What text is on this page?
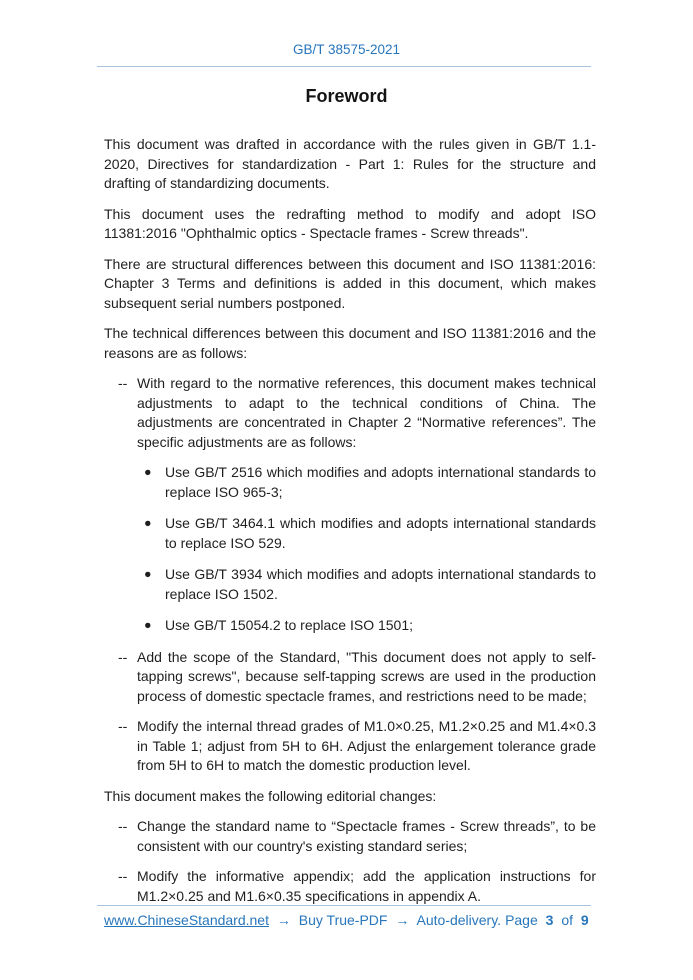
GB/T 38575-2021
Foreword

This document was drafted in accordance with the rules given in GB/T 1.1-2020, Directives for standardization - Part 1: Rules for the structure and drafting of standardizing documents.

This document uses the redrafting method to modify and adopt ISO 11381:2016 "Ophthalmic optics - Spectacle frames - Screw threads".

There are structural differences between this document and ISO 11381:2016: Chapter 3 Terms and definitions is added in this document, which makes subsequent serial numbers postponed.

The technical differences between this document and ISO 11381:2016 and the reasons are as follows:

-- With regard to the normative references, this document makes technical adjustments to adapt to the technical conditions of China. The adjustments are concentrated in Chapter 2 “Normative references”. The specific adjustments are as follows:
● Use GB/T 2516 which modifies and adopts international standards to replace ISO 965-3;
● Use GB/T 3464.1 which modifies and adopts international standards to replace ISO 529.
● Use GB/T 3934 which modifies and adopts international standards to replace ISO 1502.
● Use GB/T 15054.2 to replace ISO 1501;
-- Add the scope of the Standard, "This document does not apply to self-tapping screws", because self-tapping screws are used in the production process of domestic spectacle frames, and restrictions need to be made;
-- Modify the internal thread grades of M1.0×0.25, M1.2×0.25 and M1.4×0.3 in Table 1; adjust from 5H to 6H. Adjust the enlargement tolerance grade from 5H to 6H to match the domestic production level.

This document makes the following editorial changes:

-- Change the standard name to “Spectacle frames - Screw threads”, to be consistent with our country's existing standard series;
-- Modify the informative appendix; add the application instructions for M1.2×0.25 and M1.6×0.35 specifications in appendix A.
www.ChineseStandard.net → Buy True-PDF → Auto-delivery. Page 3 of 9
